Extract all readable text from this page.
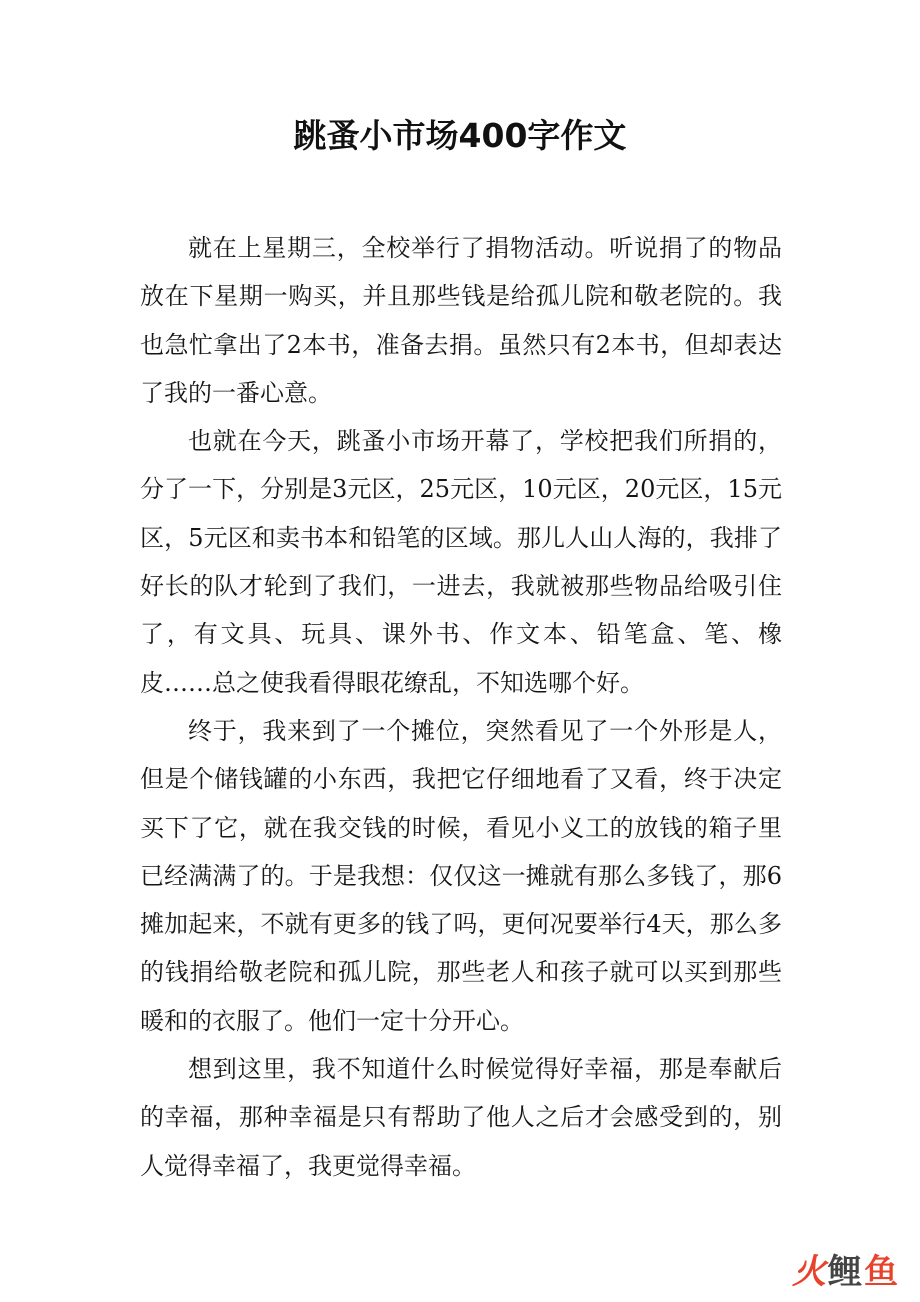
跳蚤小市场400字作文

就在上星期三，全校举行了捐物活动。听说捐了的物品放在下星期一购买，并且那些钱是给孤儿院和敬老院的。我也急忙拿出了2本书，准备去捐。虽然只有2本书，但却表达了我的一番心意。

也就在今天，跳蚤小市场开幕了，学校把我们所捐的，分了一下，分别是3元区，25元区，10元区，20元区，15元区，5元区和卖书本和铅笔的区域。那儿人山人海的，我排了好长的队才轮到了我们，一进去，我就被那些物品给吸引住了，有文具、玩具、课外书、作文本、铅笔盒、笔、橡皮……总之使我看得眼花缭乱，不知选哪个好。

终于，我来到了一个摊位，突然看见了一个外形是人，但是个储钱罐的小东西，我把它仔细地看了又看，终于决定买下了它，就在我交钱的时候，看见小义工的放钱的箱子里已经满满了的。于是我想：仅仅这一摊就有那么多钱了，那6摊加起来，不就有更多的钱了吗，更何况要举行4天，那么多的钱捐给敬老院和孤儿院，那些老人和孩子就可以买到那些暖和的衣服了。他们一定十分开心。

想到这里，我不知道什么时候觉得好幸福，那是奉献后的幸福，那种幸福是只有帮助了他人之后才会感受到的，别人觉得幸福了，我更觉得幸福。

火鲤鱼
